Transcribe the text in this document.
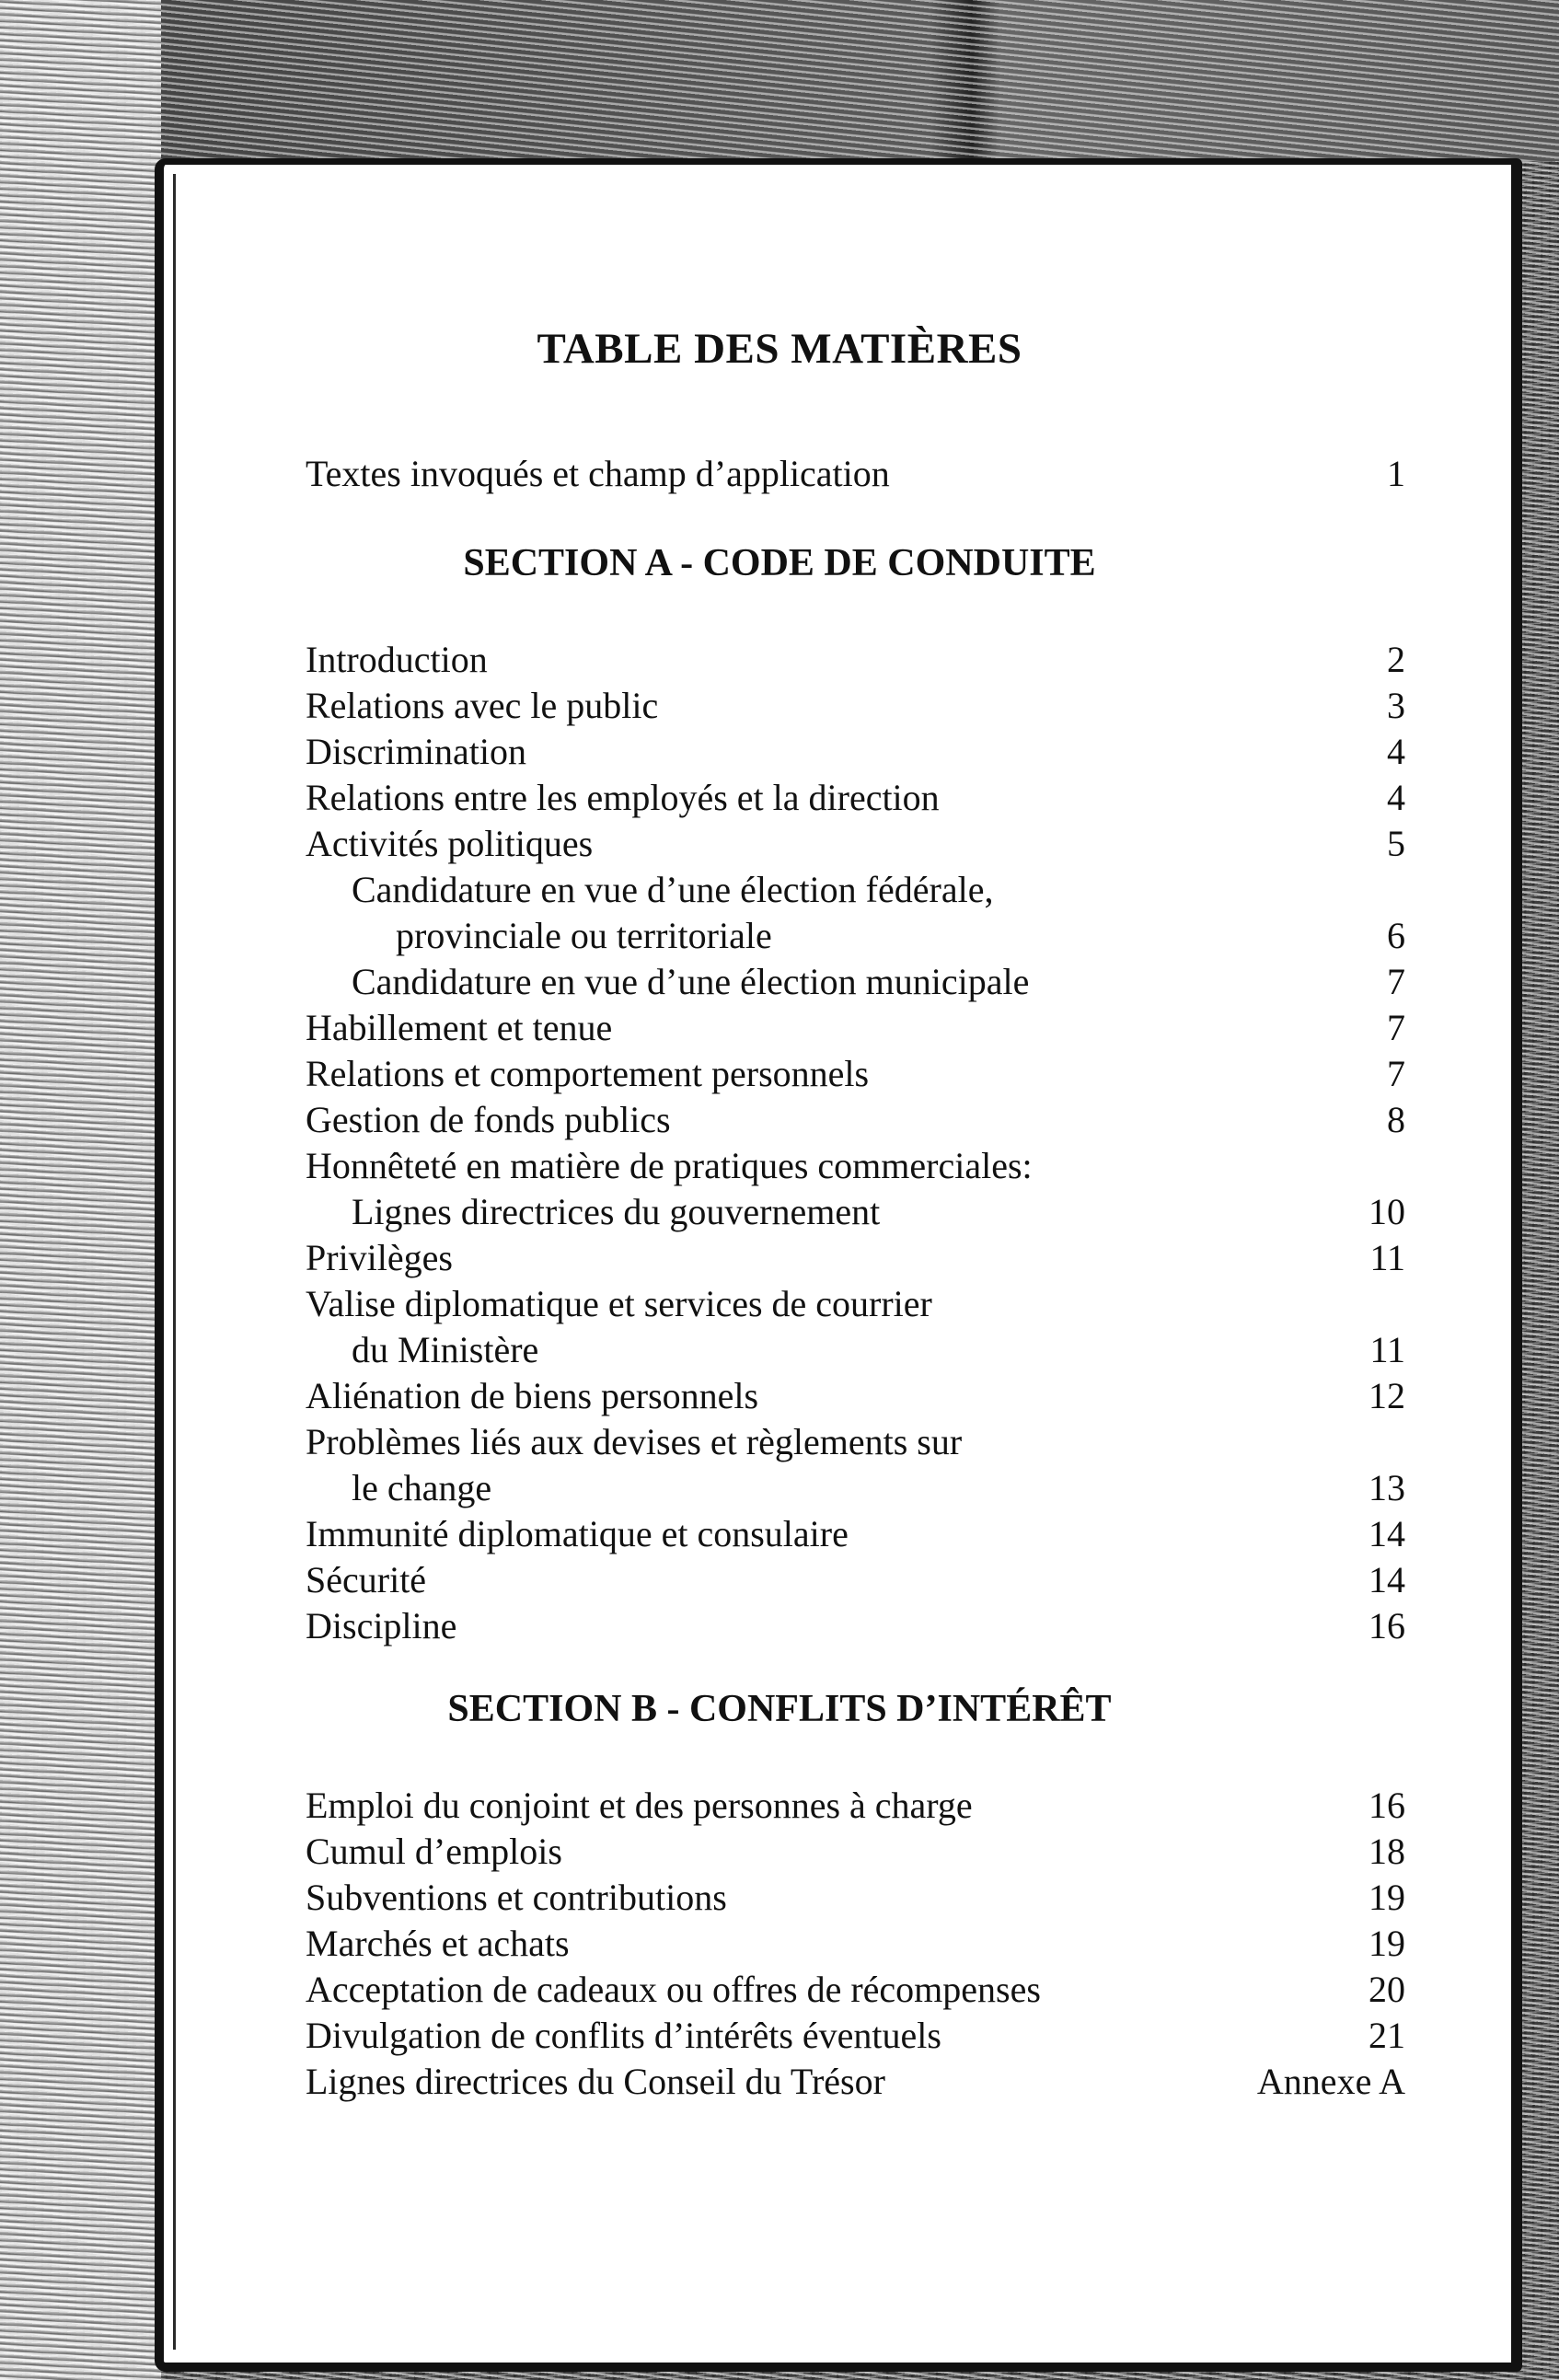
TABLE DES MATIÈRES
Textes invoqués et champ d’application	1
SECTION A - CODE DE CONDUITE
Introduction	2
Relations avec le public	3
Discrimination	4
Relations entre les employés et la direction	4
Activités politiques	5
Candidature en vue d’une élection fédérale,
provinciale ou territoriale	6
Candidature en vue d’une élection municipale	7
Habillement et tenue	7
Relations et comportement personnels	7
Gestion de fonds publics	8
Honnêteté en matière de pratiques commerciales:
Lignes directrices du gouvernement	10
Privilèges	11
Valise diplomatique et services de courrier
du Ministère	11
Aliénation de biens personnels	12
Problèmes liés aux devises et règlements sur
le change	13
Immunité diplomatique et consulaire	14
Sécurité	14
Discipline	16
SECTION B - CONFLITS D’INTÉRÊT
Emploi du conjoint et des personnes à charge	16
Cumul d’emplois	18
Subventions et contributions	19
Marchés et achats	19
Acceptation de cadeaux ou offres de récompenses	20
Divulgation de conflits d’intérêts éventuels	21
Lignes directrices du Conseil du Trésor	Annexe A
